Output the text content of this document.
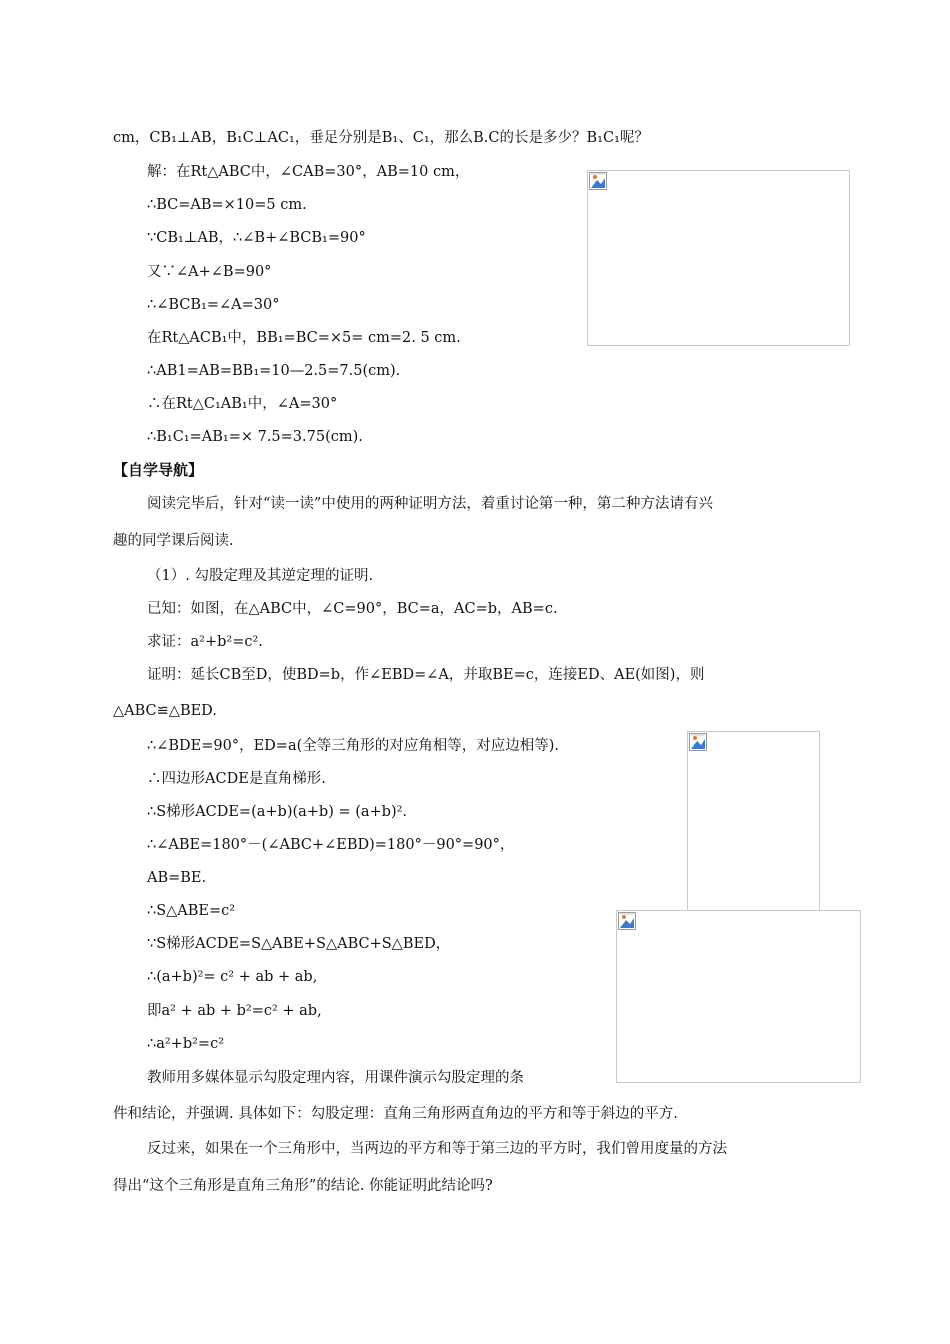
cm，CB₁⊥AB，B₁C⊥AC₁，垂足分别是B₁、C₁，那么B.C的长是多少？B₁C₁呢？
解：在Rt△ABC中，∠CAB=30°，AB=10 cm，
∴BC=AB=×10=5 cm.
∵CB₁⊥AB，∴∠B+∠BCB₁=90°
又∵∠A+∠B=90°
∴∠BCB₁=∠A=30°
在Rt△ACB₁中，BB₁=BC=×5= cm=2. 5 cm.
∴AB1=AB=BB₁=10—2.5=7.5(cm).
∴在Rt△C₁AB₁中，∠A=30°
∴B₁C₁=AB₁=× 7.5=3.75(cm).
【自学导航】
阅读完毕后，针对“读一读”中使用的两种证明方法，着重讨论第一种，第二种方法请有兴
趣的同学课后阅读.
（1）. 勾股定理及其逆定理的证明.
已知：如图，在△ABC中，∠C=90°，BC=a，AC=b，AB=c.
求证：a²+b²=c².
证明：延长CB至D，使BD=b，作∠EBD=∠A，并取BE=c，连接ED、AE(如图)，则
△ABC≌△BED.
∴∠BDE=90°，ED=a(全等三角形的对应角相等，对应边相等).
∴四边形ACDE是直角梯形.
∴S梯形ACDE=(a+b)(a+b) = (a+b)².
∴∠ABE=180°－(∠ABC+∠EBD)=180°－90°=90°，
AB=BE.
∴S△ABE=c²
∵S梯形ACDE=S△ABE+S△ABC+S△BED，
∴(a+b)²= c² + ab + ab,
即a² + ab + b²=c² + ab,
∴a²+b²=c²
教师用多媒体显示勾股定理内容，用课件演示勾股定理的条
件和结论，并强调. 具体如下：勾股定理：直角三角形两直角边的平方和等于斜边的平方.
反过来，如果在一个三角形中，当两边的平方和等于第三边的平方时，我们曾用度量的方法
得出“这个三角形是直角三角形”的结论. 你能证明此结论吗?
